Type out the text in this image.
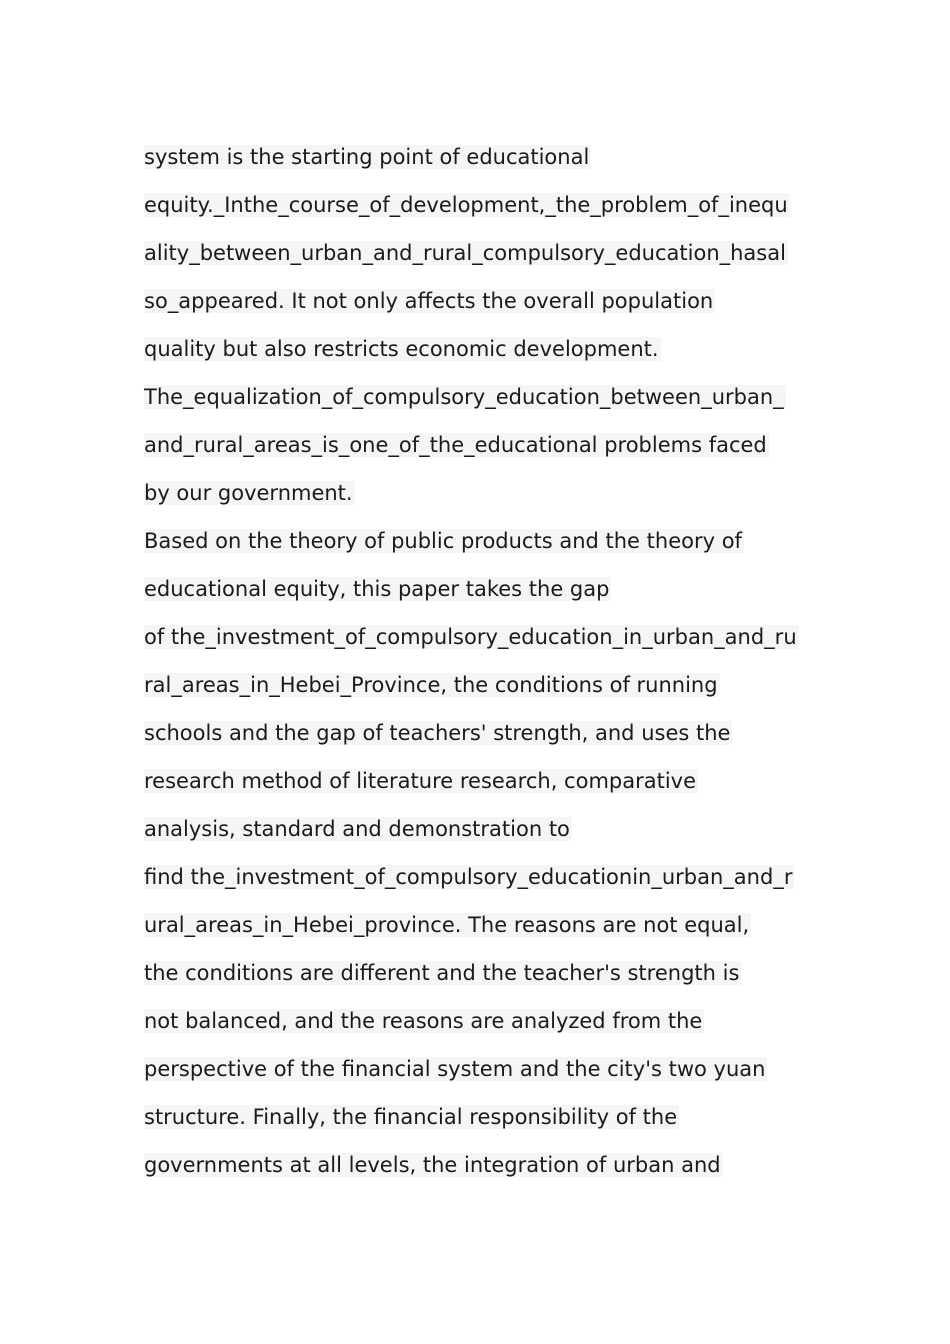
system is the starting point of educational
equity._Inthe_course_of_development,_the_problem_of_inequ
ality_between_urban_and_rural_compulsory_education_hasal
so_appeared. It not only affects the overall population
quality but also restricts economic development.
The_equalization_of_compulsory_education_between_urban_
and_rural_areas_is_one_of_the_educational problems faced
by our government.
Based on the theory of public products and the theory of
educational equity, this paper takes the gap
of the_investment_of_compulsory_education_in_urban_and_ru
ral_areas_in_Hebei_Province, the conditions of running
schools and the gap of teachers' strength, and uses the
research method of literature research, comparative
analysis, standard and demonstration to
find the_investment_of_compulsory_educationin_urban_and_r
ural_areas_in_Hebei_province. The reasons are not equal,
the conditions are different and the teacher's strength is
not balanced, and the reasons are analyzed from the
perspective of the financial system and the city's two yuan
structure. Finally, the financial responsibility of the
governments at all levels, the integration of urban and
